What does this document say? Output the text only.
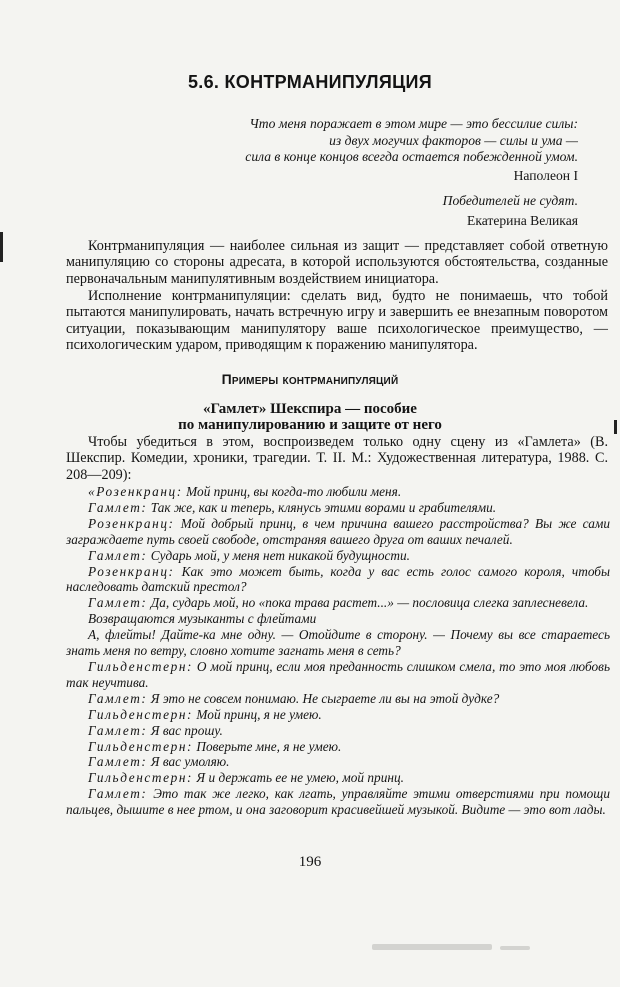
5.6. КОНТРМАНИПУЛЯЦИЯ
Что меня поражает в этом мире — это бессилие силы:
из двух могучих факторов — силы и ума —
сила в конце концов всегда остается побежденной умом.
Наполеон I
Победителей не судят.
Екатерина Великая
Контрманипуляция — наиболее сильная из защит — представляет собой ответную манипуляцию со стороны адресата, в которой используются обстоятельства, созданные первоначальным манипулятивным воздействием инициатора.
Исполнение контрманипуляции: сделать вид, будто не понимаешь, что тобой пытаются манипулировать, начать встречную игру и завершить ее внезапным поворотом ситуации, показывающим манипулятору ваше психологическое преимущество, — психологическим ударом, приводящим к поражению манипулятора.
Примеры контрманипуляций
«Гамлет» Шекспира — пособие
по манипулированию и защите от него
Чтобы убедиться в этом, воспроизведем только одну сцену из «Гамлета» (В. Шекспир. Комедии, хроники, трагедии. Т. II. М.: Художественная литература, 1988. С. 208—209):

«Розенкранц: Мой принц, вы когда-то любили меня.

Гамлет: Так же, как и теперь, клянусь этими ворами и грабителями.

Розенкранц: Мой добрый принц, в чем причина вашего расстройства? Вы же сами заграждаете путь своей свободе, отстраняя вашего друга от ваших печалей.

Гамлет: Сударь мой, у меня нет никакой будущности.

Розенкранц: Как это может быть, когда у вас есть голос самого короля, чтобы наследовать датский престол?

Гамлет: Да, сударь мой, но «пока трава растет...» — пословица слегка заплесневела.

Возвращаются музыканты с флейтами

А, флейты! Дайте-ка мне одну. — Отойдите в сторону. — Почему вы все стараетесь знать меня по ветру, словно хотите загнать меня в сеть?

Гильденстерн: О мой принц, если моя преданность слишком смела, то это моя любовь так неучтива.

Гамлет: Я это не совсем понимаю. Не сыграете ли вы на этой дудке?

Гильденстерн: Мой принц, я не умею.

Гамлет: Я вас прошу.

Гильденстерн: Поверьте мне, я не умею.

Гамлет: Я вас умоляю.

Гильденстерн: Я и держать ее не умею, мой принц.

Гамлет: Это так же легко, как лгать, управляйте этими отверстиями при помощи пальцев, дышите в нее ртом, и она заговорит красивейшей музыкой. Видите — это вот лады.

196
